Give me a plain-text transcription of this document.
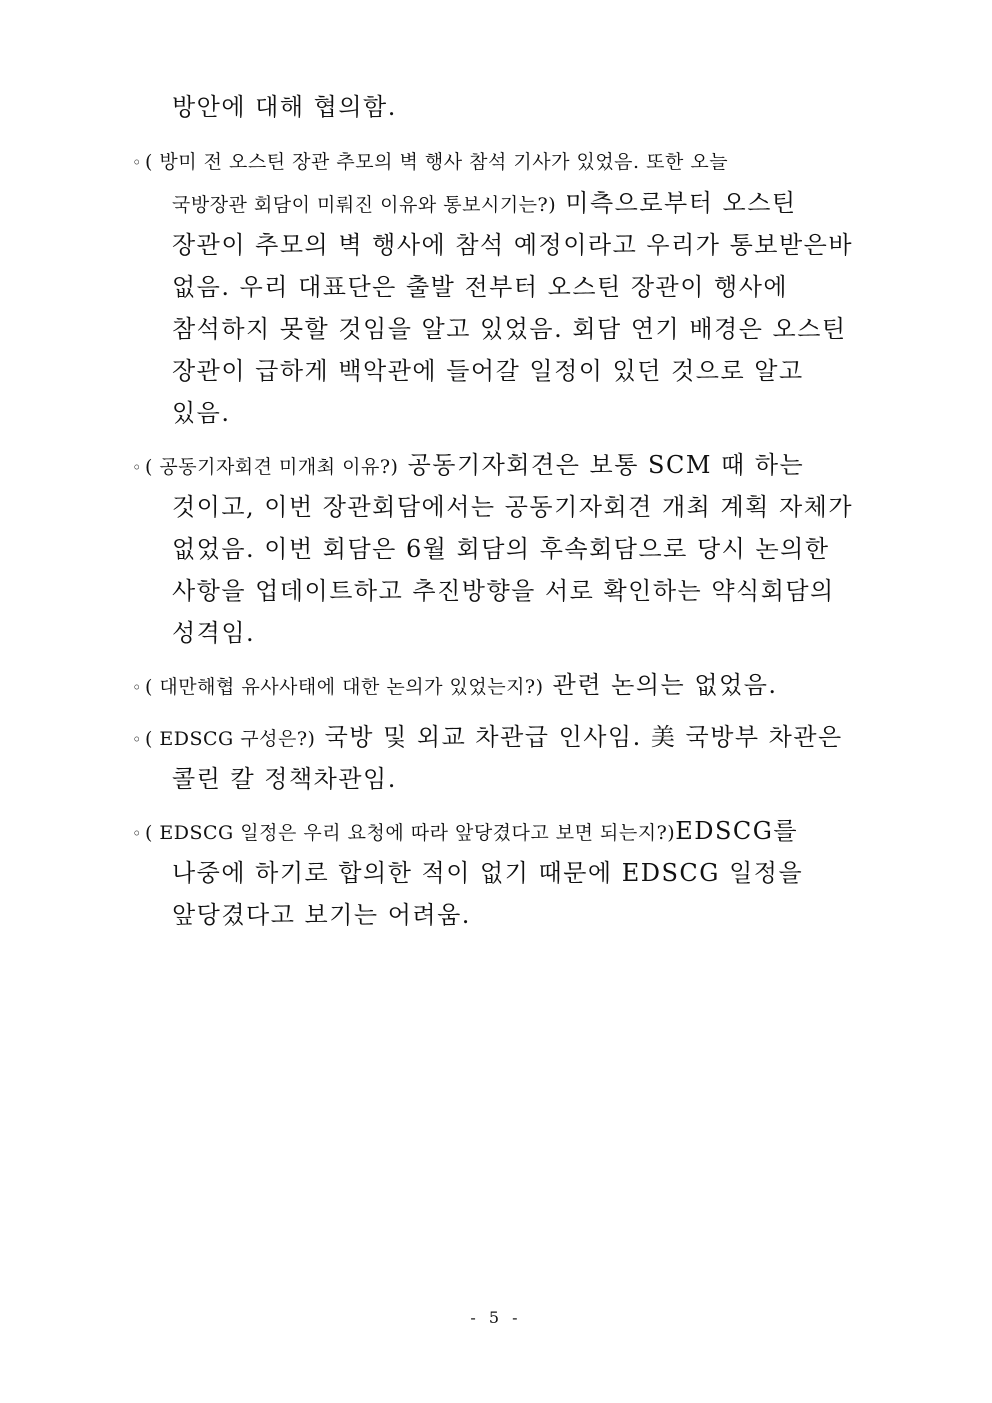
방안에 대해 협의함.
◦ ( 방미 전 오스틴 장관 추모의 벽 행사 참석 기사가 있었음. 또한 오늘
국방장관 회담이 미뤄진 이유와 통보시기는?) 미측으로부터 오스틴
장관이 추모의 벽 행사에 참석 예정이라고 우리가 통보받은바
없음. 우리 대표단은 출발 전부터 오스틴 장관이 행사에
참석하지 못할 것임을 알고 있었음. 회담 연기 배경은 오스틴
장관이 급하게 백악관에 들어갈 일정이 있던 것으로 알고
있음.
◦ ( 공동기자회견 미개최 이유?) 공동기자회견은 보통 SCM 때 하는
것이고, 이번 장관회담에서는 공동기자회견 개최 계획 자체가
없었음. 이번 회담은 6월 회담의 후속회담으로 당시 논의한
사항을 업데이트하고 추진방향을 서로 확인하는 약식회담의
성격임.
◦ ( 대만해협 유사사태에 대한 논의가 있었는지?) 관련 논의는 없었음.
◦ ( EDSCG 구성은?) 국방 및 외교 차관급 인사임. 美 국방부 차관은
콜린 칼 정책차관임.
◦ ( EDSCG 일정은 우리 요청에 따라 앞당겼다고 보면 되는지?)EDSCG를
나중에 하기로 합의한 적이 없기 때문에 EDSCG 일정을
앞당겼다고 보기는 어려움.
- 5 -
